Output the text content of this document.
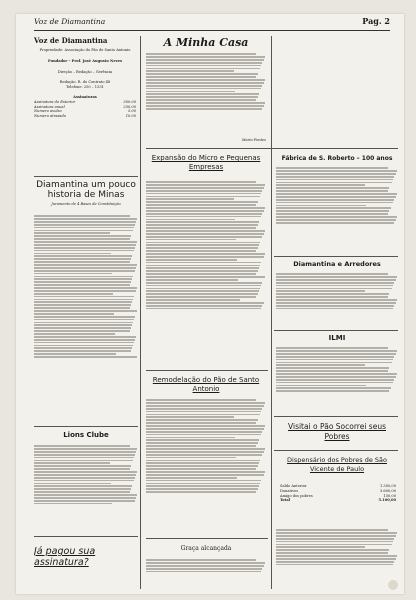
Voz de Diamantina	Pag. 2
Voz de Diamantina
Propriedade: Associação do Pão de Santo Antonio
Fundador – Prof. José Augusto Neves
Direção – Redação – Gerência
Redação: R. do Contrato 48
Telefone: 250 – 1531
Assinaturas
Assinatura do Exterior	300.00
Assinatura anual	250.00
Numero avulso	5.00
Numero atrasado	10.00
Diamantina um pouco historia de Minas
Juramento de 4 Bases de Constituição
Lions Clube
Já pagou sua assinatura?
A Minha Casa
Mario Fontes
Expansão do Micro e Pequenas Empresas
Remodelação do Pão de Santo Antonio
Graça alcançada
Fábrica de S. Roberto – 100 anos
Diamantina e Arredores
ILMI
Visitai o Pão Socorrei seus Pobres
Dispensário dos Pobres de São Vicente de Paulo
Saldo Anterior	1.350,00
Donativos	3.600,00
Amigo dos pobres	150,00
Total	5.100,00
